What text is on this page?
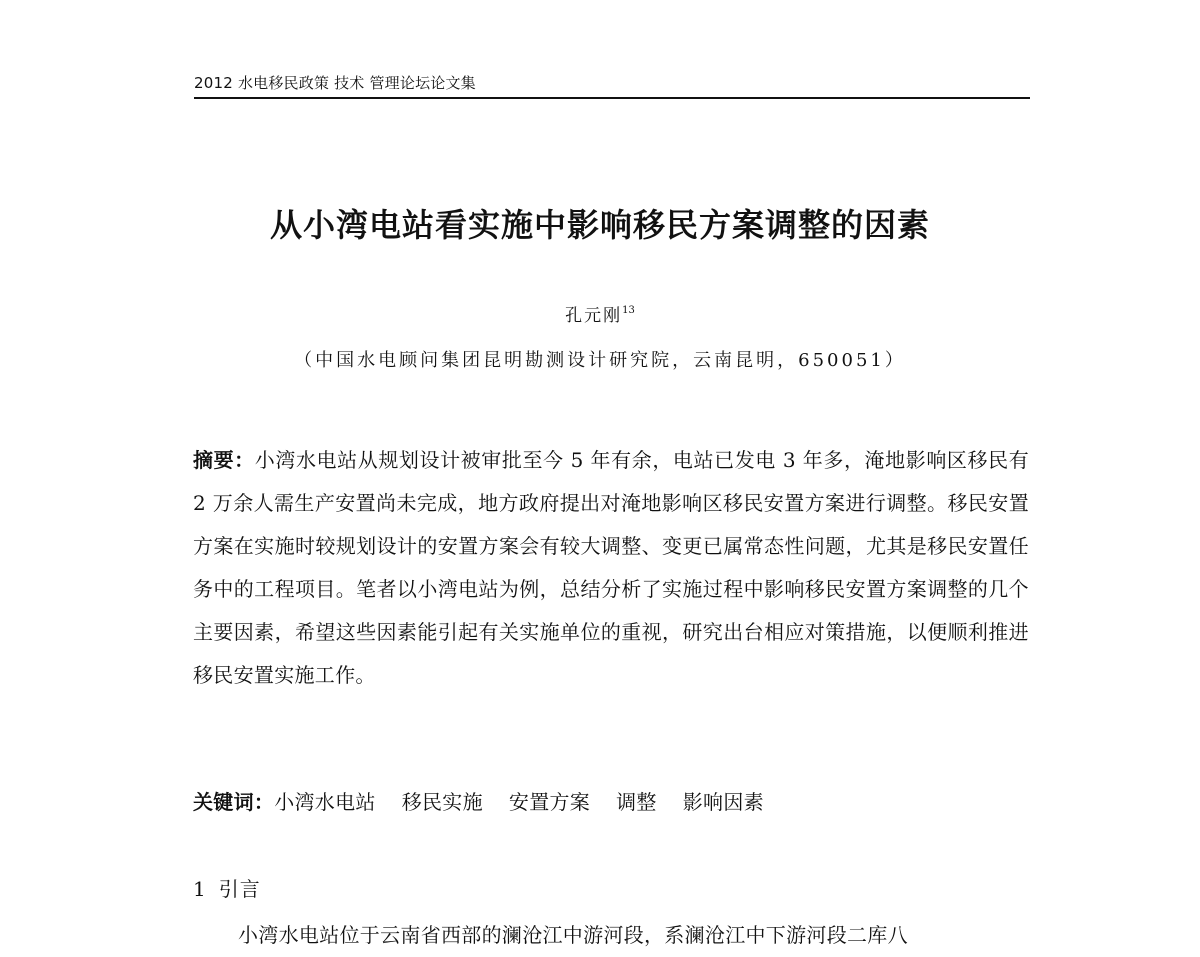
2012 水电移民政策 技术 管理论坛论文集
从小湾电站看实施中影响移民方案调整的因素
孔元刚$^{13}$
（中国水电顾问集团昆明勘测设计研究院，云南昆明，650051）
摘要：小湾水电站从规划设计被审批至今 5 年有余，电站已发电 3 年多，淹地影响区移民有 2 万余人需生产安置尚未完成，地方政府提出对淹地影响区移民安置方案进行调整。移民安置方案在实施时较规划设计的安置方案会有较大调整、变更已属常态性问题，尤其是移民安置任务中的工程项目。笔者以小湾电站为例，总结分析了实施过程中影响移民安置方案调整的几个主要因素，希望这些因素能引起有关实施单位的重视，研究出台相应对策措施，以便顺利推进移民安置实施工作。
关键词：小湾水电站 移民实施 安置方案 调整 影响因素
1 引言
小湾水电站位于云南省西部的澜沧江中游河段，系澜沧江中下游河段二库八
